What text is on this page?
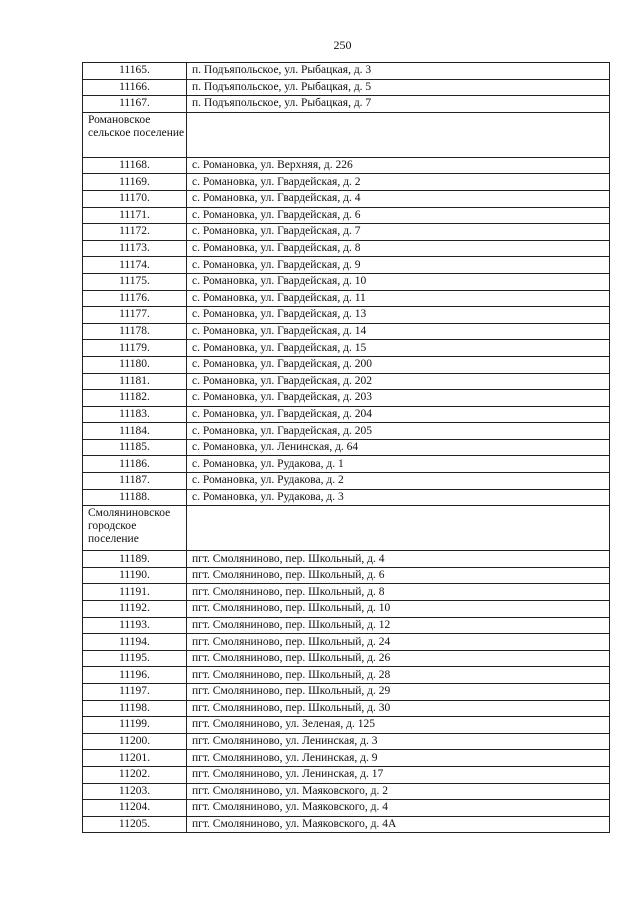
250
11165.	п. Подъяпольское, ул. Рыбацкая, д. 3
11166.	п. Подъяпольское, ул. Рыбацкая, д. 5
11167.	п. Подъяпольское, ул. Рыбацкая, д. 7
Романовское сельское поселение	
11168.	с. Романовка, ул. Верхняя, д. 226
11169.	с. Романовка, ул. Гвардейская, д. 2
11170.	с. Романовка, ул. Гвардейская, д. 4
11171.	с. Романовка, ул. Гвардейская, д. 6
11172.	с. Романовка, ул. Гвардейская, д. 7
11173.	с. Романовка, ул. Гвардейская, д. 8
11174.	с. Романовка, ул. Гвардейская, д. 9
11175.	с. Романовка, ул. Гвардейская, д. 10
11176.	с. Романовка, ул. Гвардейская, д. 11
11177.	с. Романовка, ул. Гвардейская, д. 13
11178.	с. Романовка, ул. Гвардейская, д. 14
11179.	с. Романовка, ул. Гвардейская, д. 15
11180.	с. Романовка, ул. Гвардейская, д. 200
11181.	с. Романовка, ул. Гвардейская, д. 202
11182.	с. Романовка, ул. Гвардейская, д. 203
11183.	с. Романовка, ул. Гвардейская, д. 204
11184.	с. Романовка, ул. Гвардейская, д. 205
11185.	с. Романовка, ул. Ленинская, д. 64
11186.	с. Романовка, ул. Рудакова, д. 1
11187.	с. Романовка, ул. Рудакова, д. 2
11188.	с. Романовка, ул. Рудакова, д. 3
Смоляниновское городское поселение	
11189.	пгт. Смоляниново, пер. Школьный, д. 4
11190.	пгт. Смоляниново, пер. Школьный, д. 6
11191.	пгт. Смоляниново, пер. Школьный, д. 8
11192.	пгт. Смоляниново, пер. Школьный, д. 10
11193.	пгт. Смоляниново, пер. Школьный, д. 12
11194.	пгт. Смоляниново, пер. Школьный, д. 24
11195.	пгт. Смоляниново, пер. Школьный, д. 26
11196.	пгт. Смоляниново, пер. Школьный, д. 28
11197.	пгт. Смоляниново, пер. Школьный, д. 29
11198.	пгт. Смоляниново, пер. Школьный, д. 30
11199.	пгт. Смоляниново, ул. Зеленая, д. 125
11200.	пгт. Смоляниново, ул. Ленинская, д. 3
11201.	пгт. Смоляниново, ул. Ленинская, д. 9
11202.	пгт. Смоляниново, ул. Ленинская, д. 17
11203.	пгт. Смоляниново, ул. Маяковского, д. 2
11204.	пгт. Смоляниново, ул. Маяковского, д. 4
11205.	пгт. Смоляниново, ул. Маяковского, д. 4А
